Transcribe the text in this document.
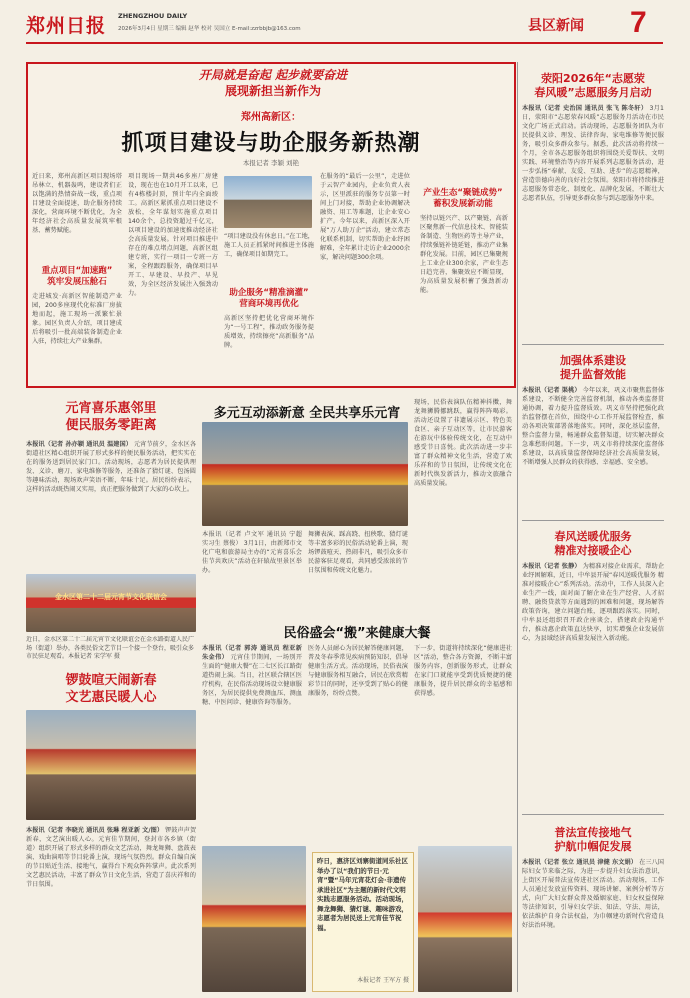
郑州日报 ZHENGZHOU DAILY
2026年3月4日 星期三 编辑 赵华 校对 吴国立 E-mail:zzrbbjb@163.com	县区新闻 7
开局就是奋起 起步就要奋进
展现新担当新作为
郑州高新区：
抓项目建设与助企服务新热潮
本报记者 李颖 刘艳
近日来，郑州高新区项目现场塔吊林立、机器轰鸣，建设者们正以饱满的热情奋战一线，重点项目建设全面提速，助企服务持续深化，营商环境不断优化，为全年经济社会高质量发展筑牢根基、蓄势赋能。
重点项目“加速跑”
筑牢发展压舱石
走进城发·高新区智能制造产业园，200多座现代化标准厂房拔地而起，施工现场一派繁忙景象。园区负责人介绍，项目建成后将吸引一批高端装备制造企业入驻，持续壮大产业集群。
项目现场一期共46多座厂房建设，现在也在10月开工以来，已有4栋楼封顶，预计年内全面竣工。高新区紧抓重点项目建设不放松，全年谋划实施重点项目140余个，总投资超过千亿元，以项目建设的加速度推动经济社会高质量发展。针对项目推进中存在的难点堵点问题，高新区组建专班，实行一项目一专班一方案，全程跟踪服务，确保项目早开工、早建设、早投产、早见效，为全区经济发展注入强劲动力。	助企服务“精准滴灌”
营商环境再优化
“项目建设没有休息日。”在工地，施工人员正抓紧时间推进主体施工，确保项目如期完工。
高新区坚持把优化营商环境作为“一号工程”，推动政务服务提质增效，持续擦亮“高新服务”品牌。
在服务的“最后一公里”，走进位于云智产业园内，企业负责人表示，区里派驻的服务专员第一时间上门对接，帮助企业协调解决融资、用工等难题，让企业安心扩产。今年以来，高新区深入开展“万人助万企”活动，建立常态化联系机制，切实帮助企业纾困解难，全年累计走访企业2000余家，解决问题300余项。
产业生态“聚链成势”
蓄积发展新动能
坚持以链兴产、以产聚链，高新区聚焦新一代信息技术、智能装备制造、生物医药等主导产业，持续强链补链延链，推动产业集群化发展。目前，园区已集聚规上工业企业300余家，产业生态日趋完善，集聚效应不断显现，为高质量发展积蓄了强劲新动能。
荥阳2026年“志愿荥
春风暖”志愿服务月启动
本报讯（记者 史治国 通讯员 张飞 陈冬轩） 3月1日，荥阳市“志愿荥春风暖”志愿服务月活动在市民文化广场正式启动。活动现场，志愿服务团队为市民提供义诊、理发、法律咨询、家电维修等便民服务，吸引众多群众参与。据悉，此次活动将持续一个月，全市各志愿服务组织将围绕关爱帮扶、文明实践、环境整治等内容开展系列志愿服务活动，进一步弘扬“奉献、友爱、互助、进步”的志愿精神，营造崇德向善的良好社会氛围。荥阳市将持续推进志愿服务常态化、制度化、品牌化发展，不断壮大志愿者队伍，引导更多群众参与到志愿服务中来。
加强体系建设
提升监督效能
本报讯（记者 渠桃） 今年以来，巩义市聚焦监督体系建设，不断健全完善监督机制，推动各类监督贯通协调，着力提升监督质效。巩义市坚持把强化政治监督摆在首位，围绕中心工作开展监督检查，推动各项决策部署落地落实。同时，深化基层监督，整合监督力量，畅通群众监督渠道，切实解决群众急难愁盼问题。下一步，巩义市将持续深化监督体系建设，以高质量监督保障经济社会高质量发展，不断增强人民群众的获得感、幸福感、安全感。
春风送暖优服务
精准对接暖企心
本报讯（记者 张静） 为精准对接企业需求，帮助企业纾困解难，近日，中牟县开展“春风送暖优服务 精准对接暖企心”系列活动。活动中，工作人员深入企业生产一线，面对面了解企业在生产经营、人才招聘、融资贷款等方面遇到的困难和问题，现场解答政策咨询，建立问题台账，逐项跟踪落实。同时，中牟县还组织召开政企座谈会，搭建政企沟通平台，推动惠企政策直达快享，切实增强企业发展信心，为县域经济高质量发展注入新动能。
普法宣传接地气
护航巾帼促发展
本报讯（记者 张立 通讯员 津健 东文娟） 在三八国际妇女节来临之际，为进一步提升妇女法治意识，上街区开展普法宣传进社区活动。活动现场，工作人员通过发放宣传资料、现场讲解、案例分析等方式，向广大妇女群众普及婚姻家庭、妇女权益保障等法律知识，引导妇女学法、知法、守法、用法，依法维护自身合法权益，为巾帼建功新时代营造良好法治环境。
元宵喜乐惠邻里
便民服务零距离
本报讯（记者 孙亦颖 通讯员 温建国） 元宵节前夕，金水区各街道社区精心组织开展了形式多样的便民服务活动，把实实在在的服务送到居民家门口。活动现场，志愿者为居民提供理发、义诊、磨刀、家电维修等服务，还准备了猜灯谜、包汤圆等趣味活动，现场欢声笑语不断，年味十足。居民纷纷表示，这样的活动既热闹又实用，真正把服务做到了大家的心坎上。
金水区第二十二届元宵节文化联谊会
近日，金水区第二十二届元宵节文化联谊会在金水路街道人民广场（街道）举办，各类民俗文艺节目一个接一个登台，吸引众多市民驻足观看。本报记者 宋学军 摄
多元互动添新意 全民共享乐元宵
本报讯（记者 卢文军 通讯员 宁超 实习生 蔡俊） 3月1日，由新郑市文化广电和旅游局主办的“元宵喜乐会 佳节共欢庆”活动在轩辕故里景区举办。
舞狮表演、踩高跷、扭秧歌、猜灯谜等丰富多彩的民俗活动轮番上演，现场锣鼓喧天、热闹非凡，吸引众多市民游客驻足观看，共同感受浓浓的节日氛围和传统文化魅力。
现场，民俗表演队伍精神抖擞，舞龙舞狮腾挪跳跃，赢得阵阵喝彩。活动还设置了非遗展示区、特色美食区、亲子互动区等，让市民游客在游玩中体验传统文化，在互动中感受节日喜悦。此次活动进一步丰富了群众精神文化生活，营造了欢乐祥和的节日氛围，让传统文化在新时代焕发新活力，推动文旅融合高质量发展。
民俗盛会“搬”来健康大餐
本报讯（记者 郭涛 通讯员 程亚新 朱金伟） 元宵佳节期间，一场别开生面的“健康大餐”在二七区长江路街道热闹上演。当日，社区联合辖区医疗机构，在民俗活动现场设立健康服务区，为居民提供免费测血压、测血糖、中医问诊、健康咨询等服务。
医务人员耐心为居民解答健康问题，普及冬春季常见疾病预防知识，倡导健康生活方式。活动现场，民俗表演与健康服务相互融合，居民在欣赏精彩节目的同时，还享受到了贴心的健康服务，纷纷点赞。
下一步，街道将持续深化“健康进社区”活动，整合各方资源，不断丰富服务内容，创新服务形式，让群众在家门口就能享受到优质便捷的健康服务，提升居民群众的幸福感和获得感。
锣鼓喧天闹新春
文艺惠民暖人心
本报讯（记者 李晓光 通讯员 张琳 程亚新 文/图） 锣鼓声声贺新春，文艺演出暖人心。元宵佳节期间，登封市各乡镇（街道）组织开展了形式多样的群众文艺活动，舞龙舞狮、盘鼓表演、戏曲演唱等节目轮番上演，现场气氛热烈。群众自编自演的节目贴近生活、接地气，赢得台下观众阵阵掌声。此次系列文艺惠民活动，丰富了群众节日文化生活，营造了喜庆祥和的节日氛围。
昨日，惠济区刘寨街道同乐社区举办了以“我们的节日·元宵”暨“马年元宵花灯会·非遗传承进社区”为主题的新时代文明实践志愿服务活动。活动现场，舞龙舞狮、猜灯谜、趣味游戏，志愿者为居民送上元宵佳节祝福。
本报记者 王军方 摄
